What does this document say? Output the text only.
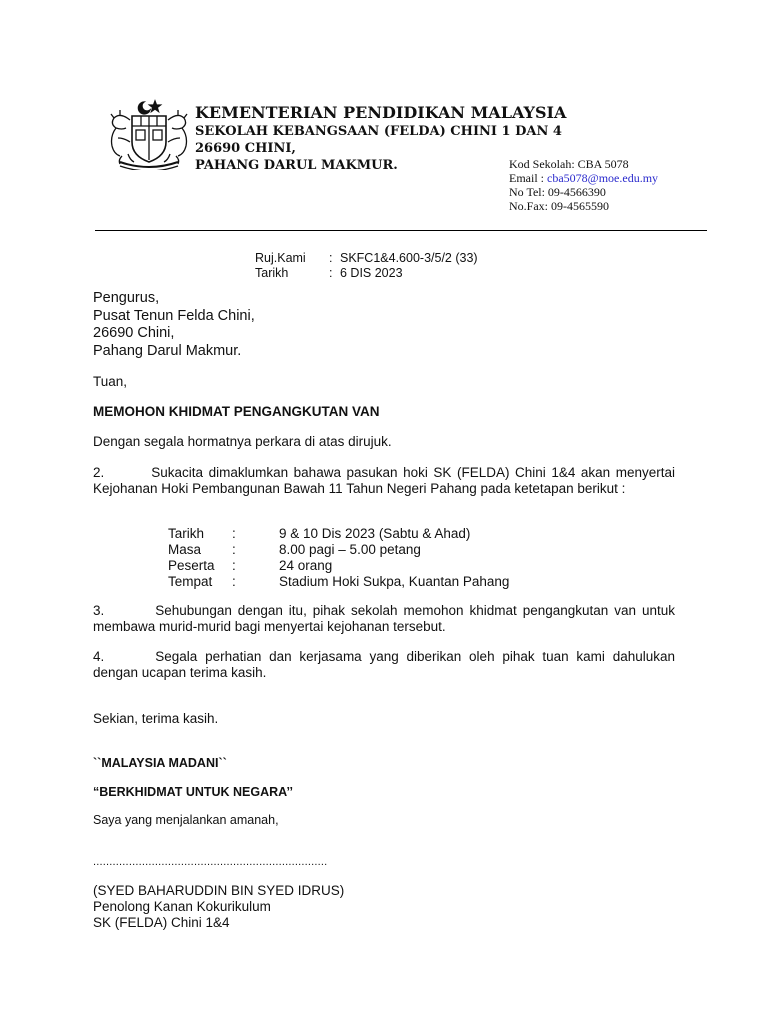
KEMENTERIAN PENDIDIKAN MALAYSIA
SEKOLAH KEBANGSAAN (FELDA) CHINI 1 DAN 4
26690 CHINI,
PAHANG DARUL MAKMUR.	Kod Sekolah: CBA 5078
Email : cba5078@moe.edu.my
No Tel: 09-4566390
No.Fax: 09-4565590
Ruj.Kami	: SKFC1&4.600-3/5/2 (33)
Tarikh	: 6 DIS 2023
Pengurus,
Pusat Tenun Felda Chini,
26690 Chini,
Pahang Darul Makmur.
Tuan,
MEMOHON KHIDMAT PENGANGKUTAN VAN
Dengan segala hormatnya perkara di atas dirujuk.
2.	Sukacita dimaklumkan bahawa pasukan hoki SK (FELDA) Chini 1&4 akan menyertai Kejohanan Hoki Pembangunan Bawah 11 Tahun Negeri Pahang pada ketetapan berikut :
Tarikh	:	9 & 10 Dis 2023 (Sabtu & Ahad)
Masa	:	8.00 pagi – 5.00 petang
Peserta	:	24 orang
Tempat	:	Stadium Hoki Sukpa, Kuantan Pahang
3.	Sehubungan dengan itu, pihak sekolah memohon khidmat pengangkutan van untuk membawa murid-murid bagi menyertai kejohanan tersebut.
4.	Segala perhatian dan kerjasama yang diberikan oleh pihak tuan kami dahulukan dengan ucapan terima kasih.
Sekian, terima kasih.
``MALAYSIA MADANI``
“BERKHIDMAT UNTUK NEGARA’’
Saya yang menjalankan amanah,
........................................................................
(SYED BAHARUDDIN BIN SYED IDRUS)
Penolong Kanan Kokurikulum
SK (FELDA) Chini 1&4
